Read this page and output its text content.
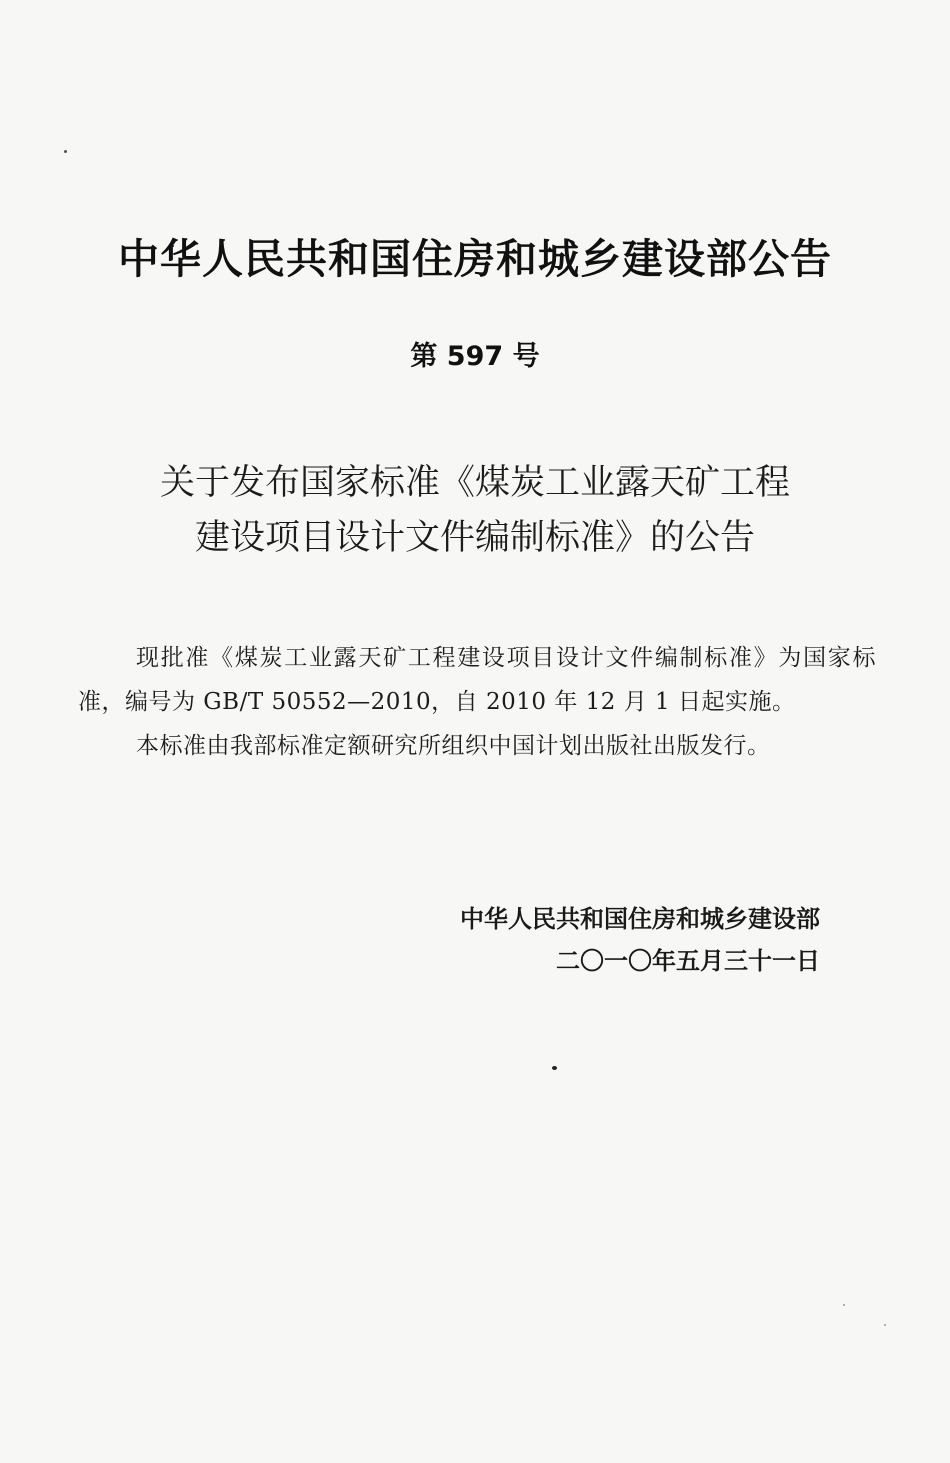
中华人民共和国住房和城乡建设部公告
第 597 号
关于发布国家标准《煤炭工业露天矿工程
建设项目设计文件编制标准》的公告

现批准《煤炭工业露天矿工程建设项目设计文件编制标准》为国家标准，编号为 GB/T 50552—2010，自 2010 年 12 月 1 日起实施。

本标准由我部标准定额研究所组织中国计划出版社出版发行。

中华人民共和国住房和城乡建设部
二〇一〇年五月三十一日
